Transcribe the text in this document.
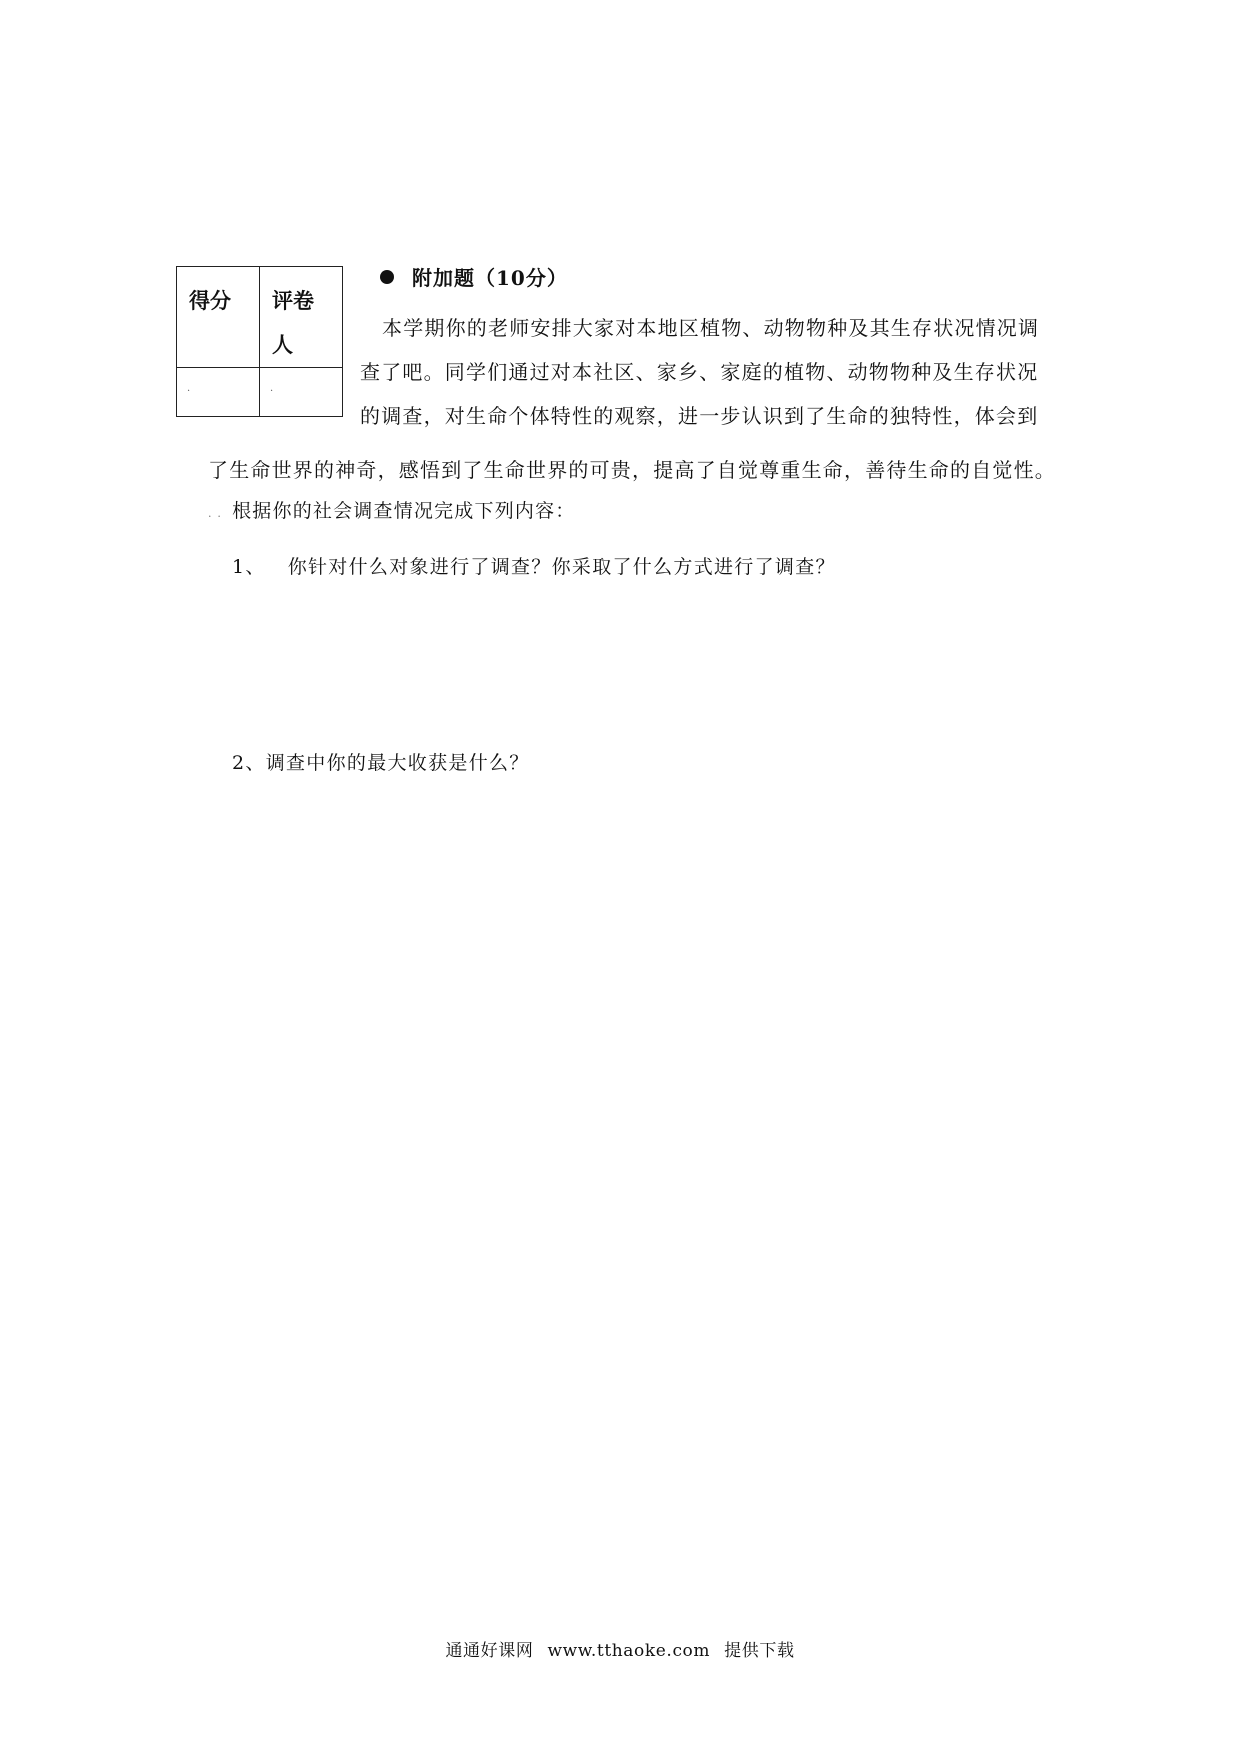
得分	评卷
人

·	·
附加题（10分）
本学期你的老师安排大家对本地区植物、动物物种及其生存状况情况调
查了吧。同学们通过对本社区、家乡、家庭的植物、动物物种及生存状况
的调查，对生命个体特性的观察，进一步认识到了生命的独特性，体会到
了生命世界的神奇，感悟到了生命世界的可贵，提高了自觉尊重生命，善待生命的自觉性。
. . 根据你的社会调查情况完成下列内容：
1、 你针对什么对象进行了调查？你采取了什么方式进行了调查？
2、调查中你的最大收获是什么？
通通好课网 www.tthaoke.com 提供下载
